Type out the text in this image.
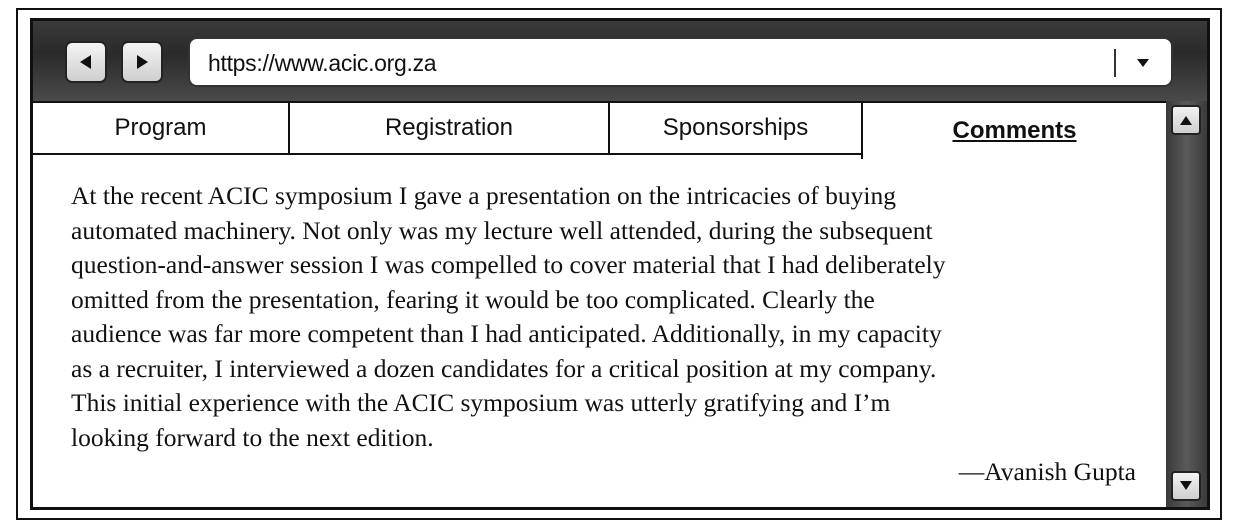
https://www.acic.org.za
Program	Registration	Sponsorships	Comments
At the recent ACIC symposium I gave a presentation on the intricacies of buying
automated machinery. Not only was my lecture well attended, during the subsequent
question-and-answer session I was compelled to cover material that I had deliberately
omitted from the presentation, fearing it would be too complicated. Clearly the
audience was far more competent than I had anticipated. Additionally, in my capacity
as a recruiter, I interviewed a dozen candidates for a critical position at my company.
This initial experience with the ACIC symposium was utterly gratifying and I’m
looking forward to the next edition.
—Avanish Gupta
